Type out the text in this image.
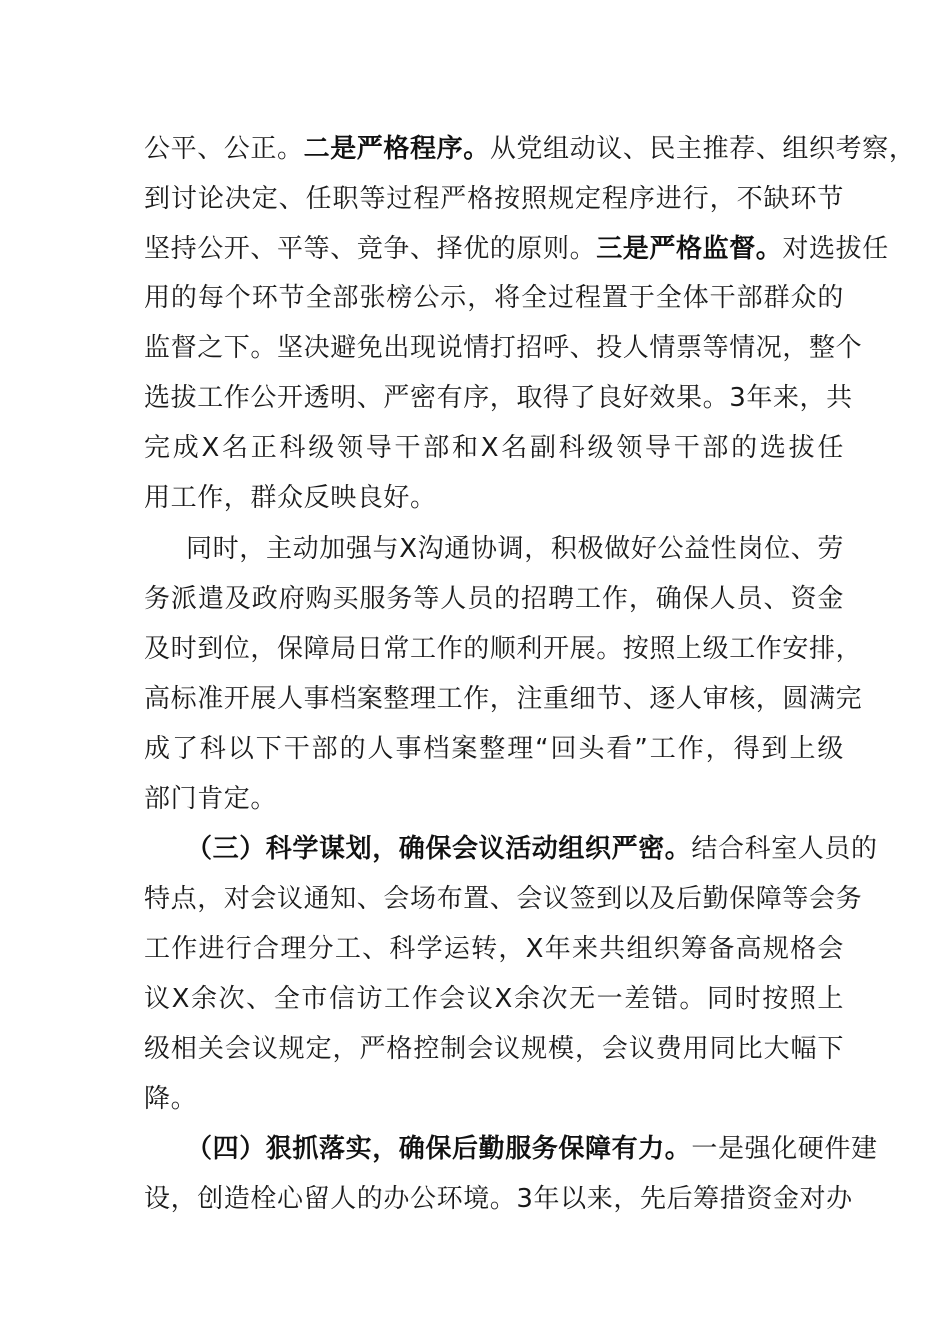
公平、公正。二是严格程序。从党组动议、民主推荐、组织考察，
到讨论决定、任职等过程严格按照规定程序进行，不缺环节
坚持公开、平等、竞争、择优的原则。三是严格监督。对选拔任
用的每个环节全部张榜公示，将全过程置于全体干部群众的
监督之下。坚决避免出现说情打招呼、投人情票等情况，整个
选拔工作公开透明、严密有序，取得了良好效果。3年来，共
完成X名正科级领导干部和X名副科级领导干部的选拔任
用工作，群众反映良好。
同时，主动加强与X沟通协调，积极做好公益性岗位、劳
务派遣及政府购买服务等人员的招聘工作，确保人员、资金
及时到位，保障局日常工作的顺利开展。按照上级工作安排，
高标准开展人事档案整理工作，注重细节、逐人审核，圆满完
成了科以下干部的人事档案整理“回头看”工作，得到上级
部门肯定。
（三）科学谋划，确保会议活动组织严密。结合科室人员的
特点，对会议通知、会场布置、会议签到以及后勤保障等会务
工作进行合理分工、科学运转，X年来共组织筹备高规格会
议X余次、全市信访工作会议X余次无一差错。同时按照上
级相关会议规定，严格控制会议规模，会议费用同比大幅下
降。
（四）狠抓落实，确保后勤服务保障有力。一是强化硬件建
设，创造栓心留人的办公环境。3年以来，先后筹措资金对办
